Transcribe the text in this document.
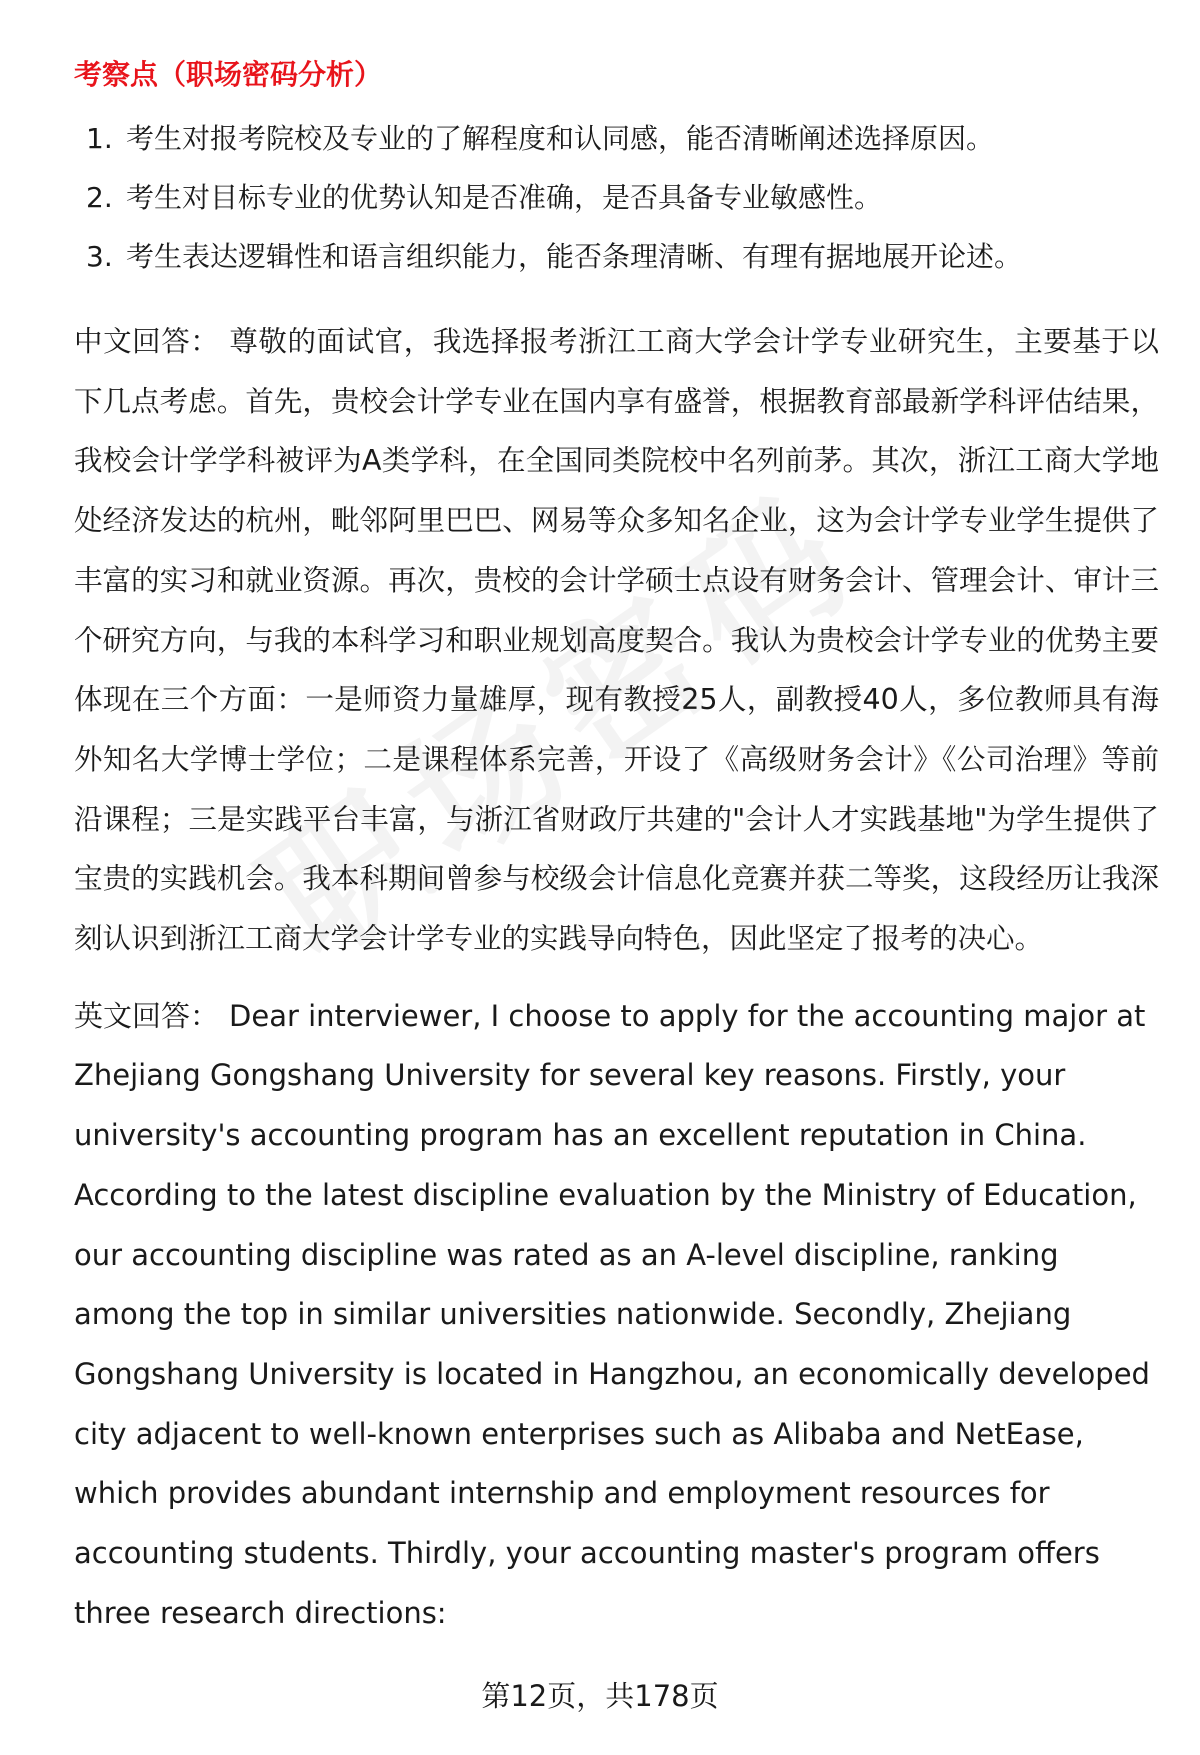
考察点（职场密码分析）
1. 考生对报考院校及专业的了解程度和认同感，能否清晰阐述选择原因。
2. 考生对目标专业的优势认知是否准确，是否具备专业敏感性。
3. 考生表达逻辑性和语言组织能力，能否条理清晰、有理有据地展开论述。

中文回答： 尊敬的面试官，我选择报考浙江工商大学会计学专业研究生，主要基于以下几点考虑。首先，贵校会计学专业在国内享有盛誉，根据教育部最新学科评估结果，我校会计学学科被评为A类学科，在全国同类院校中名列前茅。其次，浙江工商大学地处经济发达的杭州，毗邻阿里巴巴、网易等众多知名企业，这为会计学专业学生提供了丰富的实习和就业资源。再次，贵校的会计学硕士点设有财务会计、管理会计、审计三个研究方向，与我的本科学习和职业规划高度契合。我认为贵校会计学专业的优势主要体现在三个方面：一是师资力量雄厚，现有教授25人，副教授40人，多位教师具有海外知名大学博士学位；二是课程体系完善，开设了《高级财务会计》《公司治理》等前沿课程；三是实践平台丰富，与浙江省财政厅共建的"会计人才实践基地"为学生提供了宝贵的实践机会。我本科期间曾参与校级会计信息化竞赛并获二等奖，这段经历让我深刻认识到浙江工商大学会计学专业的实践导向特色，因此坚定了报考的决心。

英文回答： Dear interviewer, I choose to apply for the accounting major at Zhejiang Gongshang University for several key reasons. Firstly, your university's accounting program has an excellent reputation in China. According to the latest discipline evaluation by the Ministry of Education, our accounting discipline was rated as an A-level discipline, ranking among the top in similar universities nationwide. Secondly, Zhejiang Gongshang University is located in Hangzhou, an economically developed city adjacent to well-known enterprises such as Alibaba and NetEase, which provides abundant internship and employment resources for accounting students. Thirdly, your accounting master's program offers three research directions:

第12页，共178页
